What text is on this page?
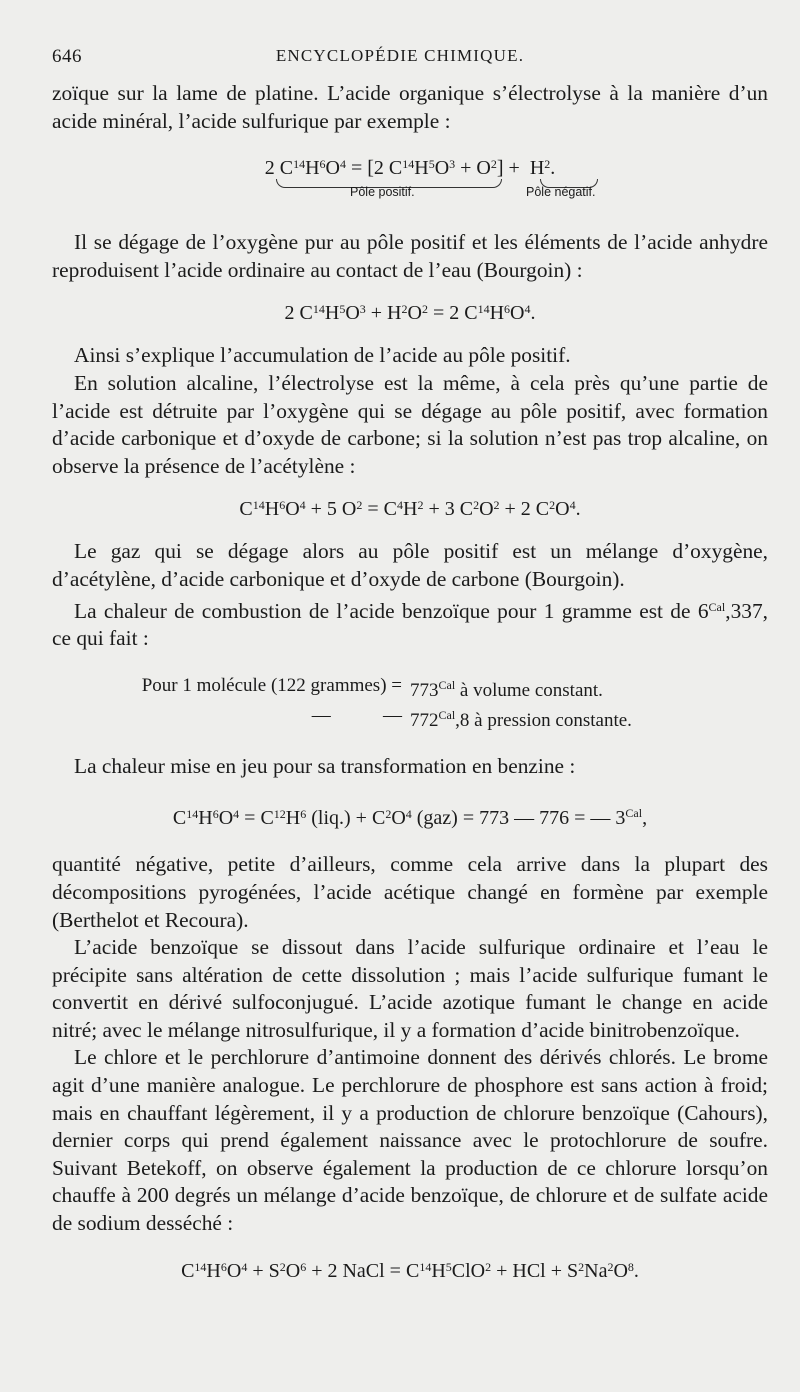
646	ENCYCLOPÉDIE CHIMIQUE.

zoïque sur la lame de platine. L’acide organique s’électrolyse à la manière d’un acide minéral, l’acide sulfurique par exemple :

2 $C^{14}H^6O^4 = [2$ $C^{14}H^5O^3 + O^2] + H^2$.
Pôle positif.	Pôle négatif.

Il se dégage de l’oxygène pur au pôle positif et les éléments de l’acide anhydre reproduisent l’acide ordinaire au contact de l’eau (Bourgoin) :

2 $C^{14}H^5O^3 + H^2O^2 = 2$ $C^{14}H^6O^4$.

Ainsi s’explique l’accumulation de l’acide au pôle positif.

En solution alcaline, l’électrolyse est la même, à cela près qu’une partie de l’acide est détruite par l’oxygène qui se dégage au pôle positif, avec formation d’acide carbonique et d’oxyde de carbone; si la solution n’est pas trop alcaline, on observe la présence de l’acétylène :

$C^{14}H^6O^4 + 5$ $O^2 = C^4H^2 + 3$ $C^2O^2 + 2$ $C^2O^4$.

Le gaz qui se dégage alors au pôle positif est un mélange d’oxygène, d’acétylène, d’acide carbonique et d’oxyde de carbone (Bourgoin).

La chaleur de combustion de l’acide benzoïque pour 1 gramme est de $6^{Cal},337$, ce qui fait :

Pour 1 molécule (122 grammes) = $773^{Cal}$ à volume constant.
—           — $772^{Cal},8$ à pression constante.

La chaleur mise en jeu pour sa transformation en benzine :

$C^{14}H^6O^4 = C^{12}H^6$ $(liq.) + C^2O^4$ (gaz) = 773 — 776 = — $3^{Cal}$,

quantité négative, petite d’ailleurs, comme cela arrive dans la plupart des décompositions pyrogénées, l’acide acétique changé en formène par exemple (Berthelot et Recoura).

L’acide benzoïque se dissout dans l’acide sulfurique ordinaire et l’eau le précipite sans altération de cette dissolution ; mais l’acide sulfurique fumant le convertit en dérivé sulfoconjugué. L’acide azotique fumant le change en acide nitré; avec le mélange nitrosulfurique, il y a formation d’acide binitrobenzoïque.

Le chlore et le perchlorure d’antimoine donnent des dérivés chlorés. Le brome agit d’une manière analogue. Le perchlorure de phosphore est sans action à froid; mais en chauffant légèrement, il y a production de chlorure benzoïque (Cahours), dernier corps qui prend également naissance avec le protochlorure de soufre. Suivant Betekoff, on observe également la production de ce chlorure lorsqu’on chauffe à 200 degrés un mélange d’acide benzoïque, de chlorure et de sulfate acide de sodium desséché :

$C^{14}H^6O^4 + S^2O^6 + 2$ NaCl = $C^{14}H^5ClO^2$ + HCl + $S^2Na^2O^8$.
